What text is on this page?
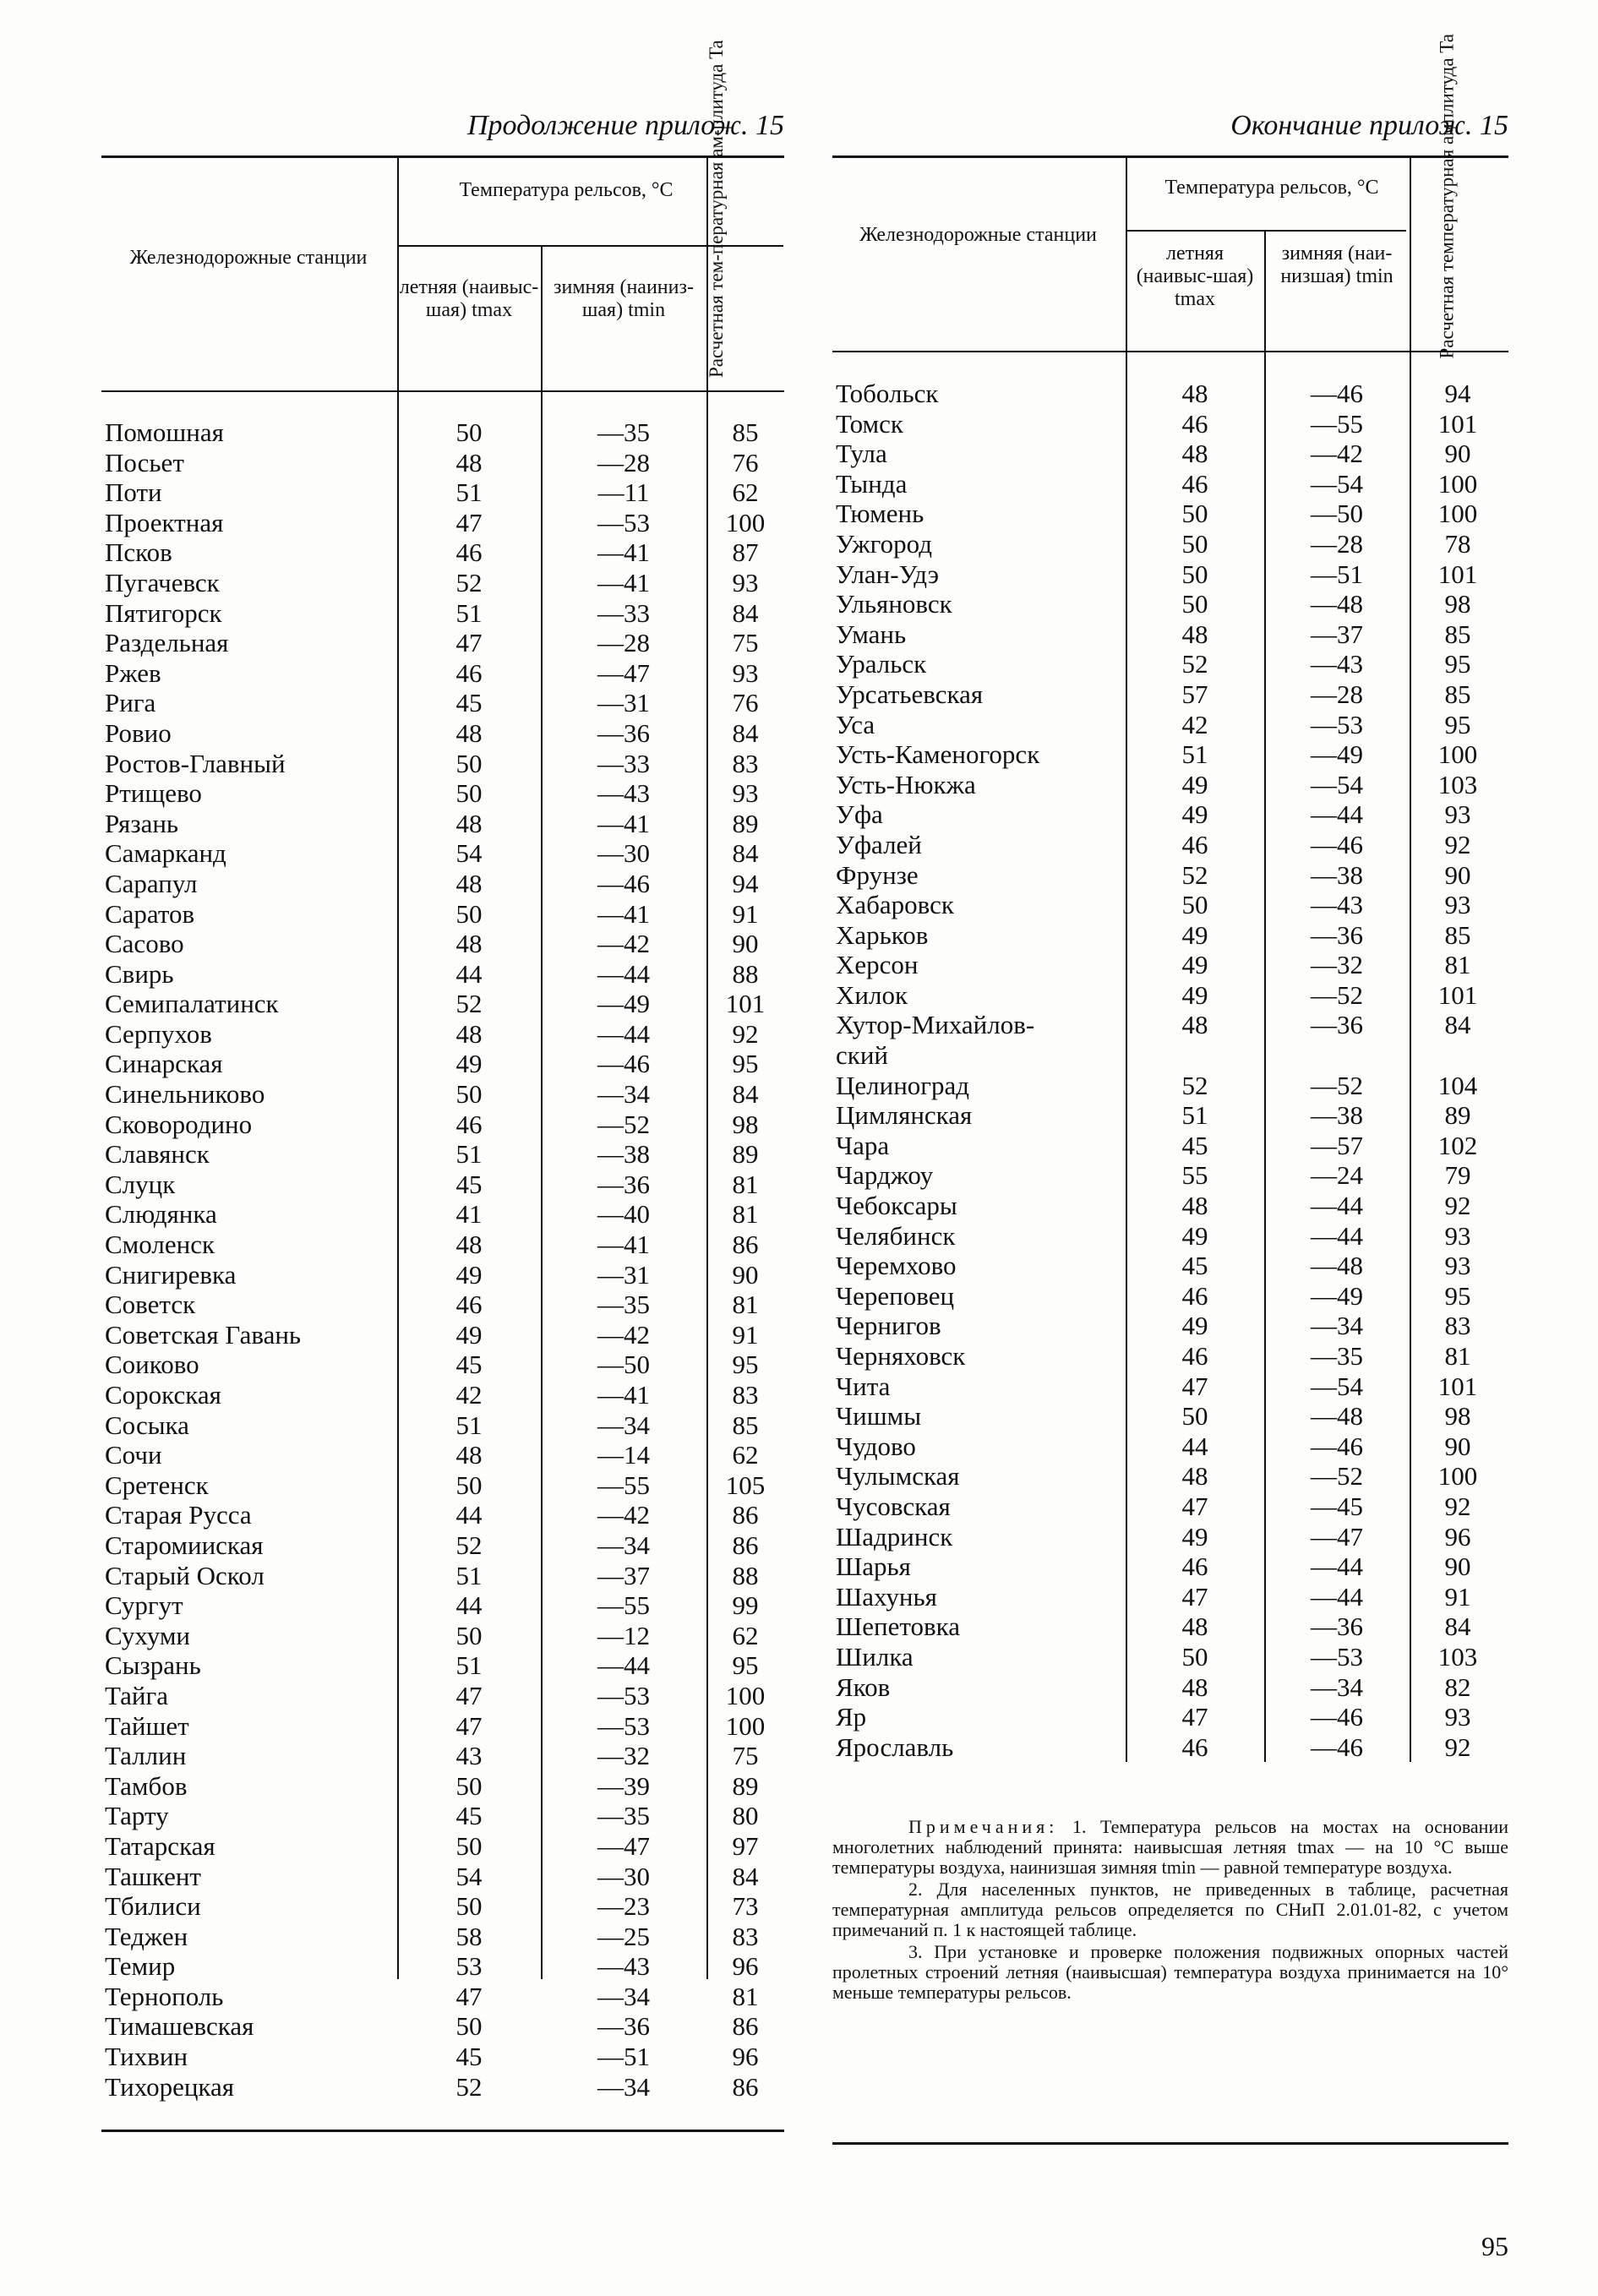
Продолжение прилож. 15
Железнодорожные станции
Температура рельсов, °С
летняя (наивыс-шая) tmax
зимняя (наиниз-шая) tmin	Расчетная тем-пературная ам-плитуда Ta
Помошная	50	—35	85
Посьет	48	—28	76
Поти	51	—11	62
Проектная	47	—53	100
Псков	46	—41	87
Пугачевск	52	—41	93
Пятигорск	51	—33	84
Раздельная	47	—28	75
Ржев	46	—47	93
Рига	45	—31	76
Ровио	48	—36	84
Ростов-Главный	50	—33	83
Ртищево	50	—43	93
Рязань	48	—41	89
Самарканд	54	—30	84
Сарапул	48	—46	94
Саратов	50	—41	91
Сасово	48	—42	90
Свирь	44	—44	88
Семипалатинск	52	—49	101
Серпухов	48	—44	92
Синарская	49	—46	95
Синельниково	50	—34	84
Сковородино	46	—52	98
Славянск	51	—38	89
Слуцк	45	—36	81
Слюдянка	41	—40	81
Смоленск	48	—41	86
Снигиревка	49	—31	90
Советск	46	—35	81
Советская Гавань	49	—42	91
Соиково	45	—50	95
Сорокская	42	—41	83
Сосыка	51	—34	85
Сочи	48	—14	62
Сретенск	50	—55	105
Старая Русса	44	—42	86
Старомииская	52	—34	86
Старый Оскол	51	—37	88
Сургут	44	—55	99
Сухуми	50	—12	62
Сызрань	51	—44	95
Тайга	47	—53	100
Тайшет	47	—53	100
Таллин	43	—32	75
Тамбов	50	—39	89
Тарту	45	—35	80
Татарская	50	—47	97
Ташкент	54	—30	84
Тбилиси	50	—23	73
Теджен	58	—25	83
Темир	53	—43	96
Тернополь	47	—34	81
Тимашевская	50	—36	86
Тихвин	45	—51	96
Тихорецкая	52	—34	86
Окончание прилож. 15
Железнодорожные станции
Температура рельсов, °С
летняя (наивыс-шая) tmax
зимняя (наи-низшая) tmin	Расчетная температурная амплитуда Ta
Тобольск	48	—46	94
Томск	46	—55	101
Тула	48	—42	90
Тында	46	—54	100
Тюмень	50	—50	100
Ужгород	50	—28	78
Улан-Удэ	50	—51	101
Ульяновск	50	—48	98
Умань	48	—37	85
Уральск	52	—43	95
Урсатьевская	57	—28	85
Уса	42	—53	95
Усть-Каменогорск	51	—49	100
Усть-Нюкжа	49	—54	103
Уфа	49	—44	93
Уфалей	46	—46	92
Фрунзе	52	—38	90
Хабаровск	50	—43	93
Харьков	49	—36	85
Херсон	49	—32	81
Хилок	49	—52	101
Хутор-Михайлов-
ский
48	—36	84
Целиноград	52	—52	104
Цимлянская	51	—38	89
Чара	45	—57	102
Чарджоу	55	—24	79
Чебоксары	48	—44	92
Челябинск	49	—44	93
Черемхово	45	—48	93
Череповец	46	—49	95
Чернигов	49	—34	83
Черняховск	46	—35	81
Чита	47	—54	101
Чишмы	50	—48	98
Чудово	44	—46	90
Чулымская	48	—52	100
Чусовская	47	—45	92
Шадринск	49	—47	96
Шарья	46	—44	90
Шахунья	47	—44	91
Шепетовка	48	—36	84
Шилка	50	—53	103
Яков	48	—34	82
Яр	47	—46	93
Ярославль	46	—46	92

Примечания: 1. Температура рельсов на мостах на основании многолетних наблюдений принята: наивысшая летняя tmax — на 10 °С выше температуры воздуха, наинизшая зимняя tmin — равной температуре воздуха.

2. Для населенных пунктов, не приведенных в таблице, расчетная температурная амплитуда рельсов определяется по СНиП 2.01.01-82, с учетом примечаний п. 1 к настоящей таблице.

3. При установке и проверке положения подвижных опорных частей пролетных строений летняя (наивысшая) температура воздуха принимается на 10° меньше температуры рельсов.

95
